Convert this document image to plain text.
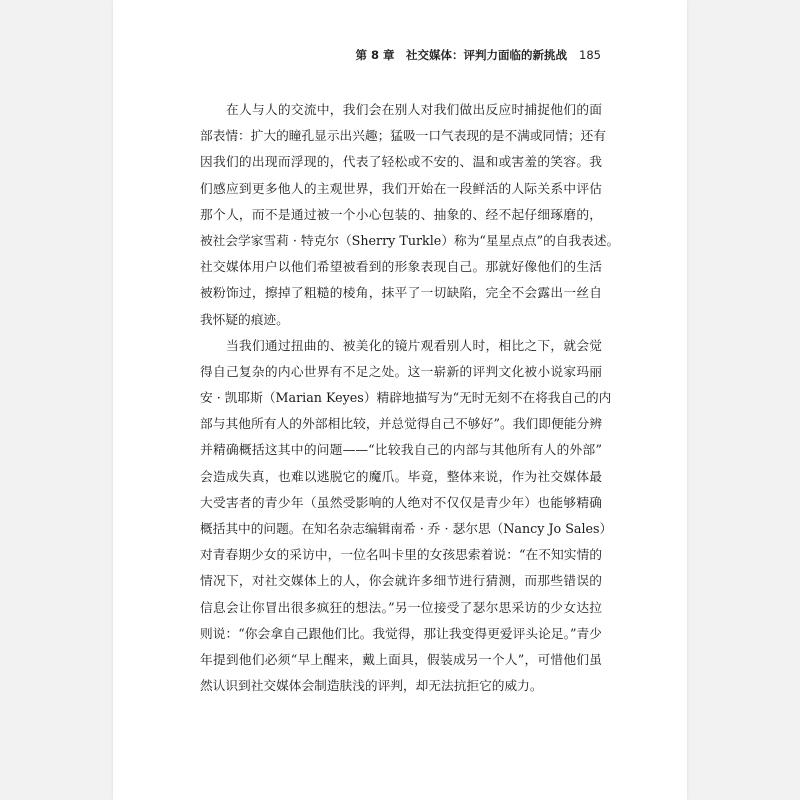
第 8 章　社交媒体：评判力面临的新挑战 185
在人与人的交流中，我们会在别人对我们做出反应时捕捉他们的面
部表情：扩大的瞳孔显示出兴趣；猛吸一口气表现的是不满或同情；还有
因我们的出现而浮现的，代表了轻松或不安的、温和或害羞的笑容。我
们感应到更多他人的主观世界，我们开始在一段鲜活的人际关系中评估
那个人，而不是通过被一个小心包装的、抽象的、经不起仔细琢磨的，
被社会学家雪莉 · 特克尔（Sherry Turkle）称为“星星点点”的自我表述。
社交媒体用户以他们希望被看到的形象表现自己。那就好像他们的生活
被粉饰过，擦掉了粗糙的棱角，抹平了一切缺陷，完全不会露出一丝自
我怀疑的痕迹。
当我们通过扭曲的、被美化的镜片观看别人时，相比之下，就会觉
得自己复杂的内心世界有不足之处。这一崭新的评判文化被小说家玛丽
安 · 凯耶斯（Marian Keyes）精辟地描写为“无时无刻不在将我自己的内
部与其他所有人的外部相比较，并总觉得自己不够好”。我们即便能分辨
并精确概括这其中的问题——“比较我自己的内部与其他所有人的外部”
会造成失真，也难以逃脱它的魔爪。毕竟，整体来说，作为社交媒体最
大受害者的青少年（虽然受影响的人绝对不仅仅是青少年）也能够精确
概括其中的问题。在知名杂志编辑南希 · 乔 · 瑟尔思（Nancy Jo Sales）
对青春期少女的采访中，一位名叫卡里的女孩思索着说：“在不知实情的
情况下，对社交媒体上的人，你会就许多细节进行猜测，而那些错误的
信息会让你冒出很多疯狂的想法。”另一位接受了瑟尔思采访的少女达拉
则说：“你会拿自己跟他们比。我觉得，那让我变得更爱评头论足。”青少
年提到他们必须“早上醒来，戴上面具，假装成另一个人”，可惜他们虽
然认识到社交媒体会制造肤浅的评判，却无法抗拒它的威力。
